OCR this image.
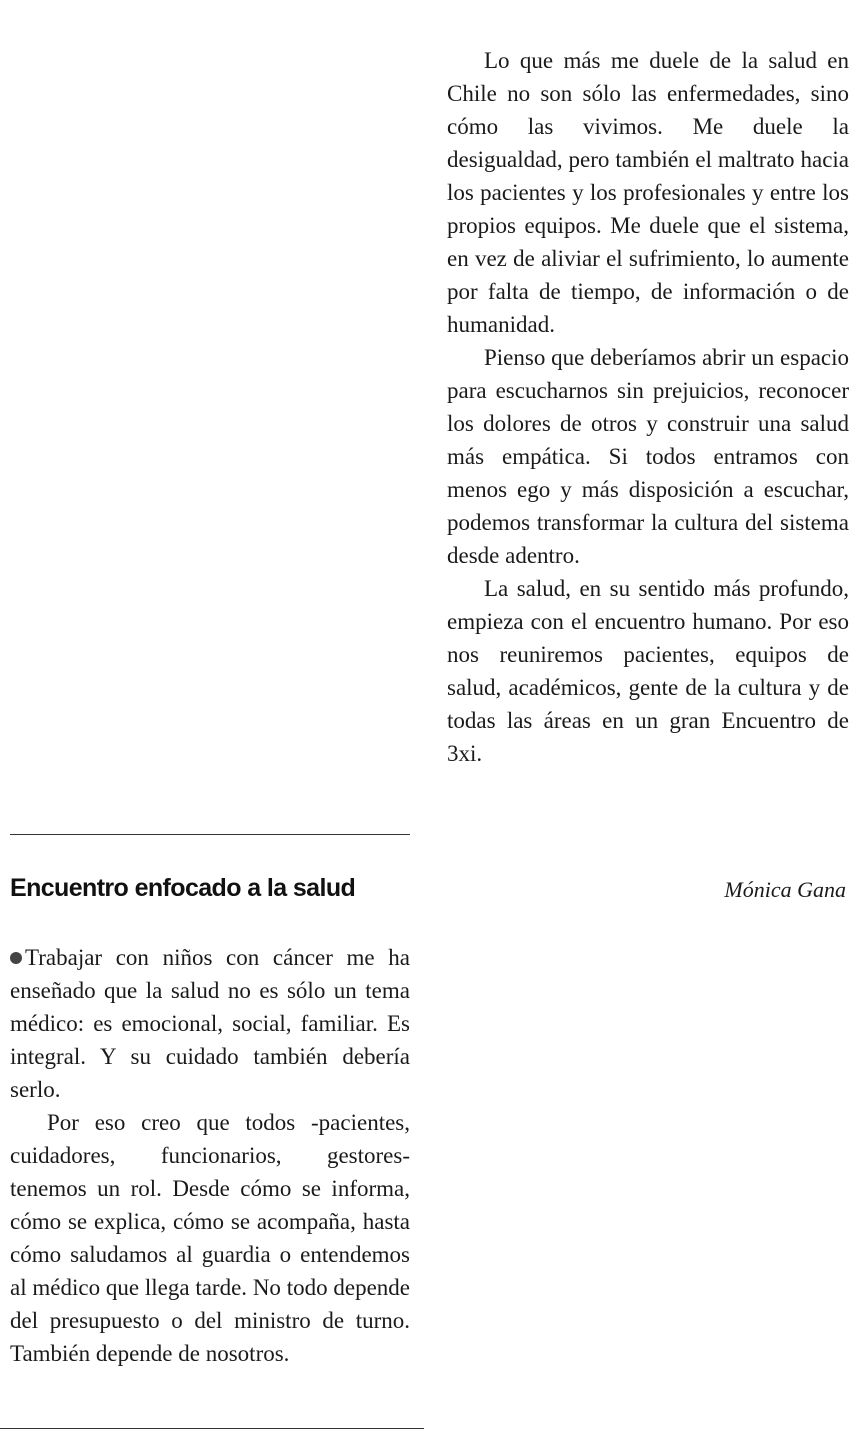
Lo que más me duele de la salud en Chile no son sólo las enfermedades, sino cómo las vivimos. Me duele la desigualdad, pero también el maltrato hacia los pacientes y los profesionales y entre los propios equipos. Me duele que el sistema, en vez de aliviar el sufrimiento, lo aumente por falta de tiempo, de información o de humanidad.

Pienso que deberíamos abrir un espacio para escucharnos sin prejuicios, reconocer los dolores de otros y construir una salud más empática. Si todos entramos con menos ego y más disposición a escuchar, podemos transformar la cultura del sistema desde adentro.

La salud, en su sentido más profundo, empieza con el encuentro humano. Por eso nos reuniremos pacientes, equipos de salud, académicos, gente de la cultura y de todas las áreas en un gran Encuentro de 3xi.

Encuentro enfocado a la salud	Mónica Gana

Trabajar con niños con cáncer me ha enseñado que la salud no es sólo un tema médico: es emocional, social, familiar. Es integral. Y su cuidado también debería serlo.

Por eso creo que todos -pacientes, cuidadores, funcionarios, gestores- tenemos un rol. Desde cómo se informa, cómo se explica, cómo se acompaña, hasta cómo saludamos al guardia o entendemos al médico que llega tarde. No todo depende del presupuesto o del ministro de turno. También depende de nosotros.
